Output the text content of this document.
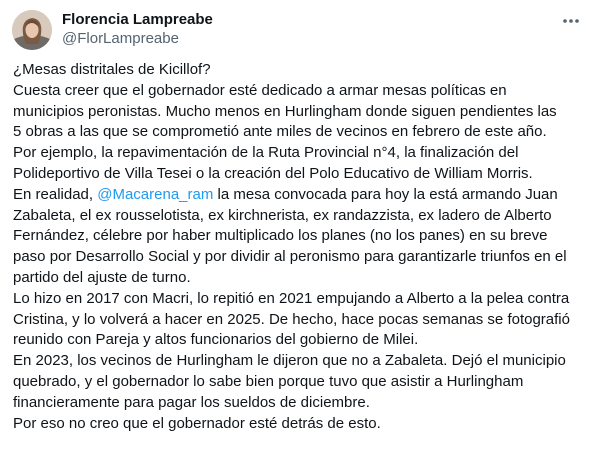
Florencia Lampreabe
@FlorLampreabe
¿Mesas distritales de Kicillof?
Cuesta creer que el gobernador esté dedicado a armar mesas políticas en
municipios peronistas. Mucho menos en Hurlingham donde siguen pendientes las
5 obras a las que se comprometió ante miles de vecinos en febrero de este año.
Por ejemplo, la repavimentación de la Ruta Provincial n°4, la finalización del
Polideportivo de Villa Tesei o la creación del Polo Educativo de William Morris.
En realidad, @Macarena_ram la mesa convocada para hoy la está armando Juan
Zabaleta, el ex rousselotista, ex kirchnerista, ex randazzista, ex ladero de Alberto
Fernández, célebre por haber multiplicado los planes (no los panes) en su breve
paso por Desarrollo Social y por dividir al peronismo para garantizarle triunfos en el
partido del ajuste de turno.
Lo hizo en 2017 con Macri, lo repitió en 2021 empujando a Alberto a la pelea contra
Cristina, y lo volverá a hacer en 2025. De hecho, hace pocas semanas se fotografió
reunido con Pareja y altos funcionarios del gobierno de Milei.
En 2023, los vecinos de Hurlingham le dijeron que no a Zabaleta. Dejó el municipio
quebrado, y el gobernador lo sabe bien porque tuvo que asistir a Hurlingham
financieramente para pagar los sueldos de diciembre.
Por eso no creo que el gobernador esté detrás de esto.
